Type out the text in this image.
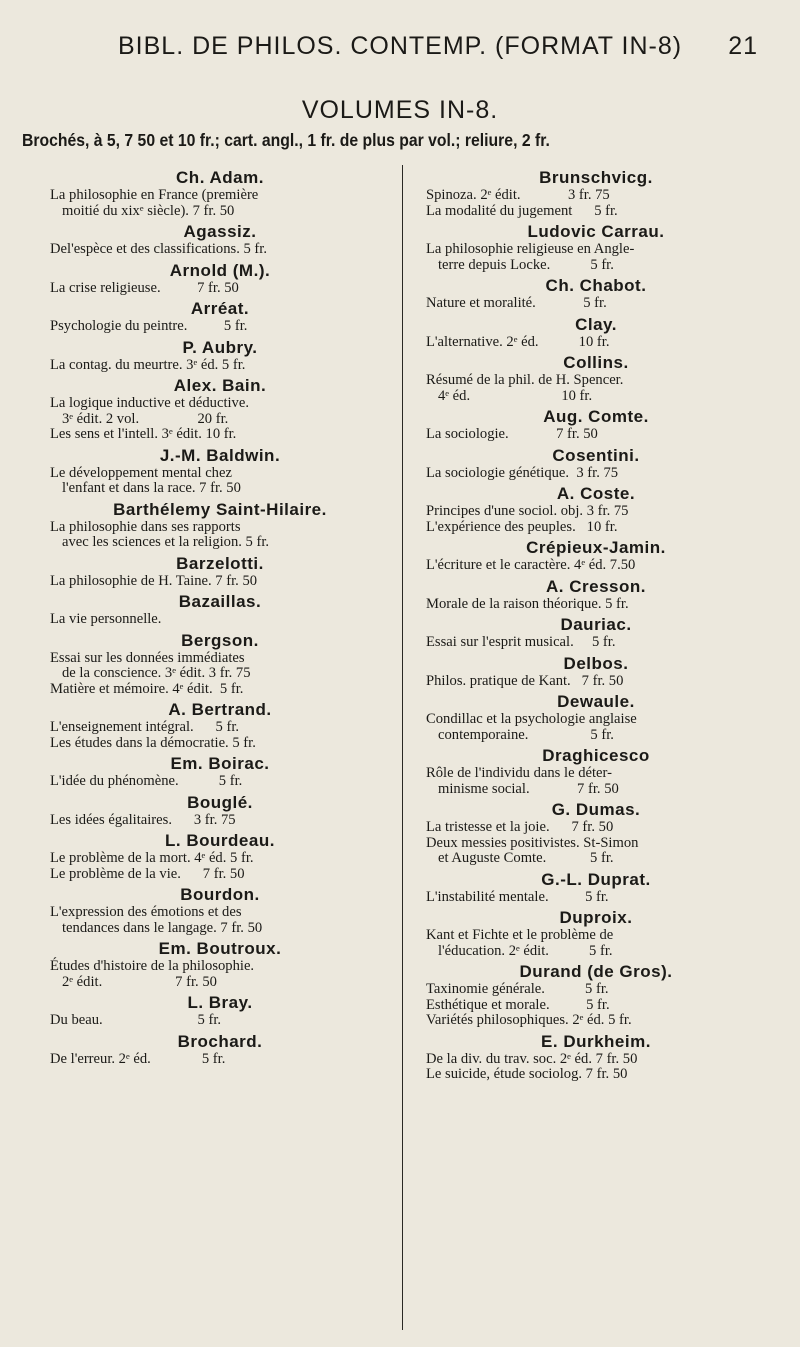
BIBL. DE PHILOS. CONTEMP. (FORMAT IN-8) 21
VOLUMES IN-8.
Brochés, à 5, 7 50 et 10 fr.; cart. angl., 1 fr. de plus par vol.; reliure, 2 fr.
Ch. Adam.
La philosophie en France (première
moitié du xixᵉ siècle). 7 fr. 50
Agassiz.
Del'espèce et des classifications. 5 fr.
Arnold (M.).
La crise religieuse.          7 fr. 50
Arréat.
Psychologie du peintre.          5 fr.
P. Aubry.
La contag. du meurtre. 3ᵉ éd. 5 fr.
Alex. Bain.
La logique inductive et déductive.
3ᵉ édit. 2 vol.                20 fr.
Les sens et l'intell. 3ᵉ édit. 10 fr.
J.-M. Baldwin.
Le développement mental chez
l'enfant et dans la race. 7 fr. 50
Barthélemy Saint-Hilaire.
La philosophie dans ses rapports
avec les sciences et la religion. 5 fr.
Barzelotti.
La philosophie de H. Taine. 7 fr. 50
Bazaillas.
La vie personnelle.
Bergson.
Essai sur les données immédiates
de la conscience. 3ᵉ édit. 3 fr. 75
Matière et mémoire. 4ᵉ édit.  5 fr.
A. Bertrand.
L'enseignement intégral.      5 fr.
Les études dans la démocratie. 5 fr.
Em. Boirac.
L'idée du phénomène.           5 fr.
Bouglé.
Les idées égalitaires.      3 fr. 75
L. Bourdeau.
Le problème de la mort. 4ᵉ éd. 5 fr.
Le problème de la vie.      7 fr. 50
Bourdon.
L'expression des émotions et des
tendances dans le langage. 7 fr. 50
Em. Boutroux.
Études d'histoire de la philosophie.
2ᵉ édit.                    7 fr. 50
L. Bray.
Du beau.                          5 fr.
Brochard.
De l'erreur. 2ᵉ éd.              5 fr.
Brunschvicg.
Spinoza. 2ᵉ édit.             3 fr. 75
La modalité du jugement      5 fr.
Ludovic Carrau.
La philosophie religieuse en Angle-
terre depuis Locke.           5 fr.
Ch. Chabot.
Nature et moralité.             5 fr.
Clay.
L'alternative. 2ᵉ éd.           10 fr.
Collins.
Résumé de la phil. de H. Spencer.
4ᵉ éd.                         10 fr.
Aug. Comte.
La sociologie.             7 fr. 50
Cosentini.
La sociologie génétique.  3 fr. 75
A. Coste.
Principes d'une sociol. obj. 3 fr. 75
L'expérience des peuples.   10 fr.
Crépieux-Jamin.
L'écriture et le caractère. 4ᵉ éd. 7.50
A. Cresson.
Morale de la raison théorique. 5 fr.
Dauriac.
Essai sur l'esprit musical.     5 fr.
Delbos.
Philos. pratique de Kant.   7 fr. 50
Dewaule.
Condillac et la psychologie anglaise
contemporaine.                 5 fr.
Draghicesco
Rôle de l'individu dans le déter-
minisme social.             7 fr. 50
G. Dumas.
La tristesse et la joie.      7 fr. 50
Deux messies positivistes. St-Simon
et Auguste Comte.            5 fr.
G.-L. Duprat.
L'instabilité mentale.          5 fr.
Duproix.
Kant et Fichte et le problème de
l'éducation. 2ᵉ édit.           5 fr.
Durand (de Gros).
Taxinomie générale.           5 fr.
Esthétique et morale.          5 fr.
Variétés philosophiques. 2ᵉ éd. 5 fr.
E. Durkheim.
De la div. du trav. soc. 2ᵉ éd. 7 fr. 50
Le suicide, étude sociolog. 7 fr. 50
